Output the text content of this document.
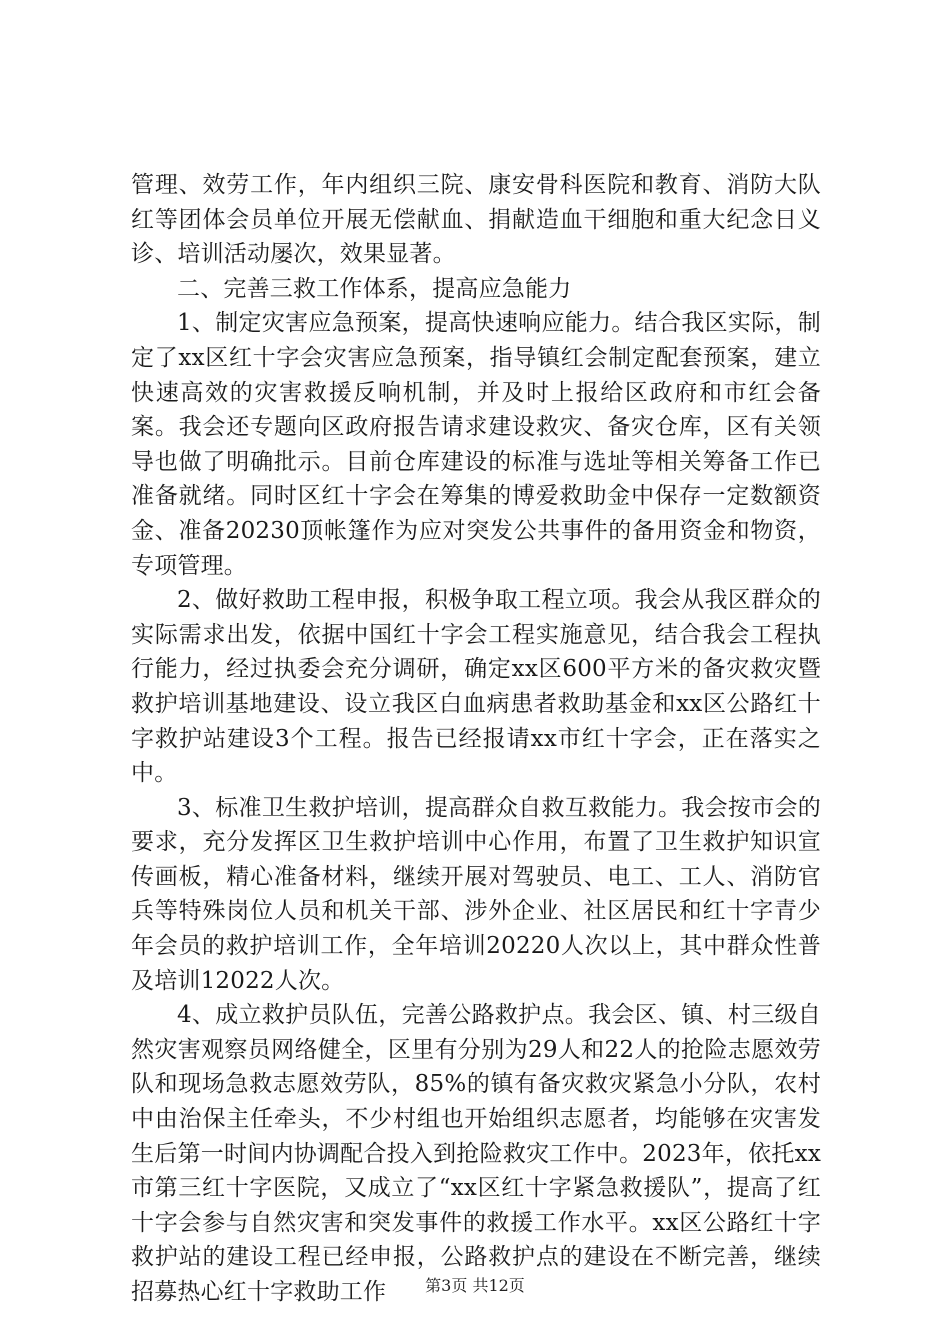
管理、效劳工作，年内组织三院、康安骨科医院和教育、消防大队红等团体会员单位开展无偿献血、捐献造血干细胞和重大纪念日义诊、培训活动屡次，效果显著。

二、完善三救工作体系，提高应急能力

1、制定灾害应急预案，提高快速响应能力。结合我区实际，制定了xx区红十字会灾害应急预案，指导镇红会制定配套预案，建立快速高效的灾害救援反响机制，并及时上报给区政府和市红会备案。我会还专题向区政府报告请求建设救灾、备灾仓库，区有关领导也做了明确批示。目前仓库建设的标准与选址等相关筹备工作已准备就绪。同时区红十字会在筹集的博爱救助金中保存一定数额资金、准备20230顶帐篷作为应对突发公共事件的备用资金和物资，专项管理。

2、做好救助工程申报，积极争取工程立项。我会从我区群众的实际需求出发，依据中国红十字会工程实施意见，结合我会工程执行能力，经过执委会充分调研，确定xx区600平方米的备灾救灾暨救护培训基地建设、设立我区白血病患者救助基金和xx区公路红十字救护站建设3个工程。报告已经报请xx市红十字会，正在落实之中。

3、标准卫生救护培训，提高群众自救互救能力。我会按市会的要求，充分发挥区卫生救护培训中心作用，布置了卫生救护知识宣传画板，精心准备材料，继续开展对驾驶员、电工、工人、消防官兵等特殊岗位人员和机关干部、涉外企业、社区居民和红十字青少年会员的救护培训工作，全年培训20220人次以上，其中群众性普及培训12022人次。

4、成立救护员队伍，完善公路救护点。我会区、镇、村三级自然灾害观察员网络健全，区里有分别为29人和22人的抢险志愿效劳队和现场急救志愿效劳队，85%的镇有备灾救灾紧急小分队，农村中由治保主任牵头，不少村组也开始组织志愿者，均能够在灾害发生后第一时间内协调配合投入到抢险救灾工作中。2023年，依托xx市第三红十字医院，又成立了“xx区红十字紧急救援队”，提高了红十字会参与自然灾害和突发事件的救援工作水平。xx区公路红十字救护站的建设工程已经申报，公路救护点的建设在不断完善，继续招募热心红十字救助工作	第3页 共12页
